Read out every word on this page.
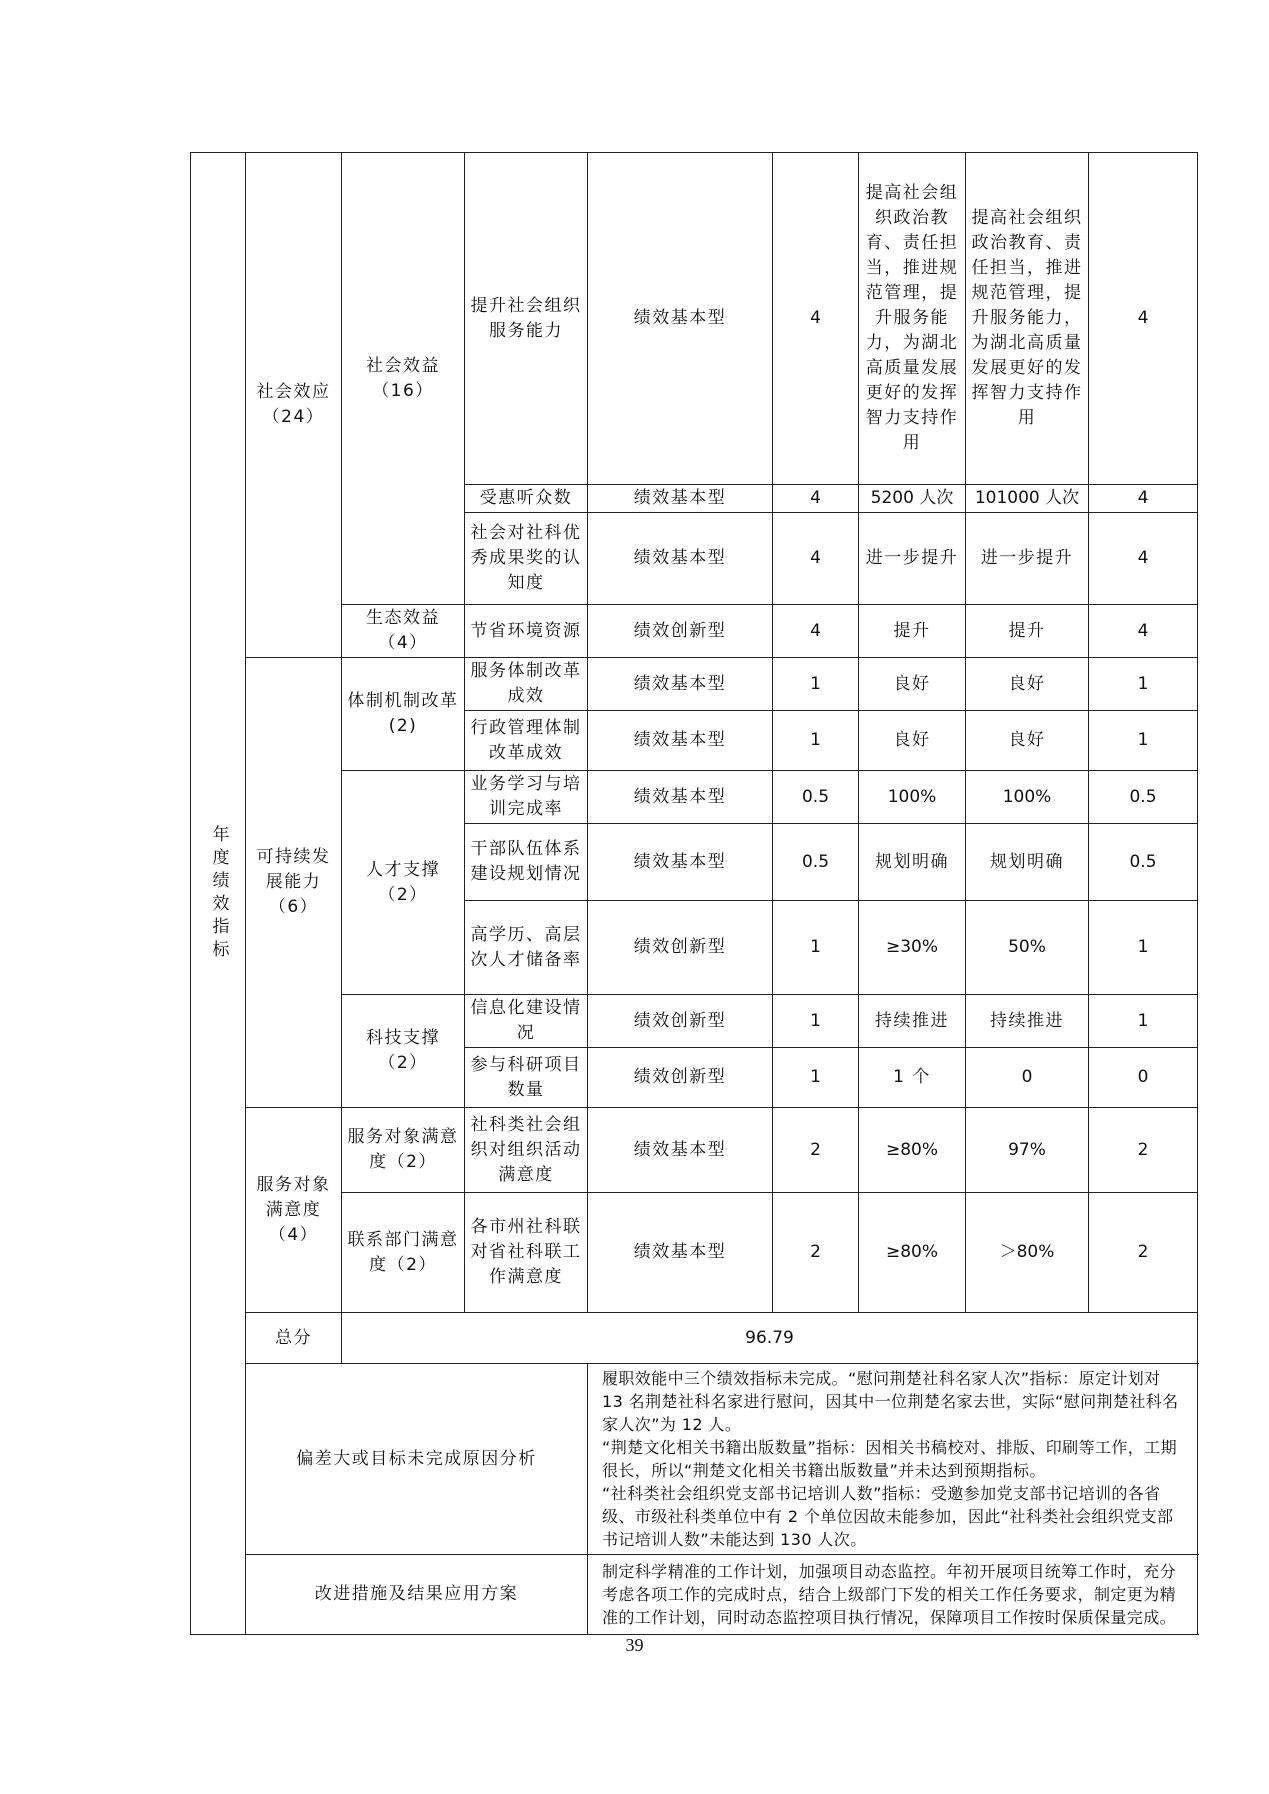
年度绩效指标	社会效应（24）	社会效益（16）	提升社会组织服务能力	绩效基本型	4	提高社会组织政治教育、责任担当，推进规范管理，提升服务能力，为湖北高质量发展更好的发挥智力支持作用	提高社会组织政治教育、责任担当，推进规范管理，提升服务能力，为湖北高质量发展更好的发挥智力支持作用	4
			受惠听众数	绩效基本型	4	5200 人次	101000 人次	4
			社会对社科优秀成果奖的认知度	绩效基本型	4	进一步提升	进一步提升	4
		生态效益（4）	节省环境资源	绩效创新型	4	提升	提升	4
	可持续发展能力（6）	体制机制改革(2)	服务体制改革成效	绩效基本型	1	良好	良好	1
			行政管理体制改革成效	绩效基本型	1	良好	良好	1
		人才支撑（2）	业务学习与培训完成率	绩效基本型	0.5	100%	100%	0.5
			干部队伍体系建设规划情况	绩效基本型	0.5	规划明确	规划明确	0.5
			高学历、高层次人才储备率	绩效创新型	1	≥30%	50%	1
		科技支撑（2）	信息化建设情况	绩效创新型	1	持续推进	持续推进	1
			参与科研项目数量	绩效创新型	1	1 个	0	0
	服务对象 满意度（4）	服务对象满意度（2）	社科类社会组织对组织活动满意度	绩效基本型	2	≥80%	97%	2
		联系部门满意度（2）	各市州社科联对省社科联工作满意度	绩效基本型	2	≥80%	＞80%	2
	总分	96.79						
	偏差大或目标未完成原因分析			履职效能中三个绩效指标未完成。“慰问荆楚社科名家人次”指标：原定计划对 13 名荆楚社科名家进行慰问，因其中一位荆楚名家去世，实际“慰问荆楚社科名家人次”为 12 人。

“荆楚文化相关书籍出版数量”指标：因相关书稿校对、排版、印刷等工作，工期很长，所以“荆楚文化相关书籍出版数量”并未达到预期指标。

“社科类社会组织党支部书记培训人数”指标：受邀参加党支部书记培训的各省级、市级社科类单位中有 2 个单位因故未能参加，因此“社科类社会组织党支部书记培训人数”未能达到 130 人次。				

	改进措施及结果应用方案			制定科学精准的工作计划，加强项目动态监控。年初开展项目统筹工作时，充分考虑各项工作的完成时点，结合上级部门下发的相关工作任务要求，制定更为精准的工作计划，同时动态监控项目执行情况，保障项目工作按时保质保量完成。				
39
